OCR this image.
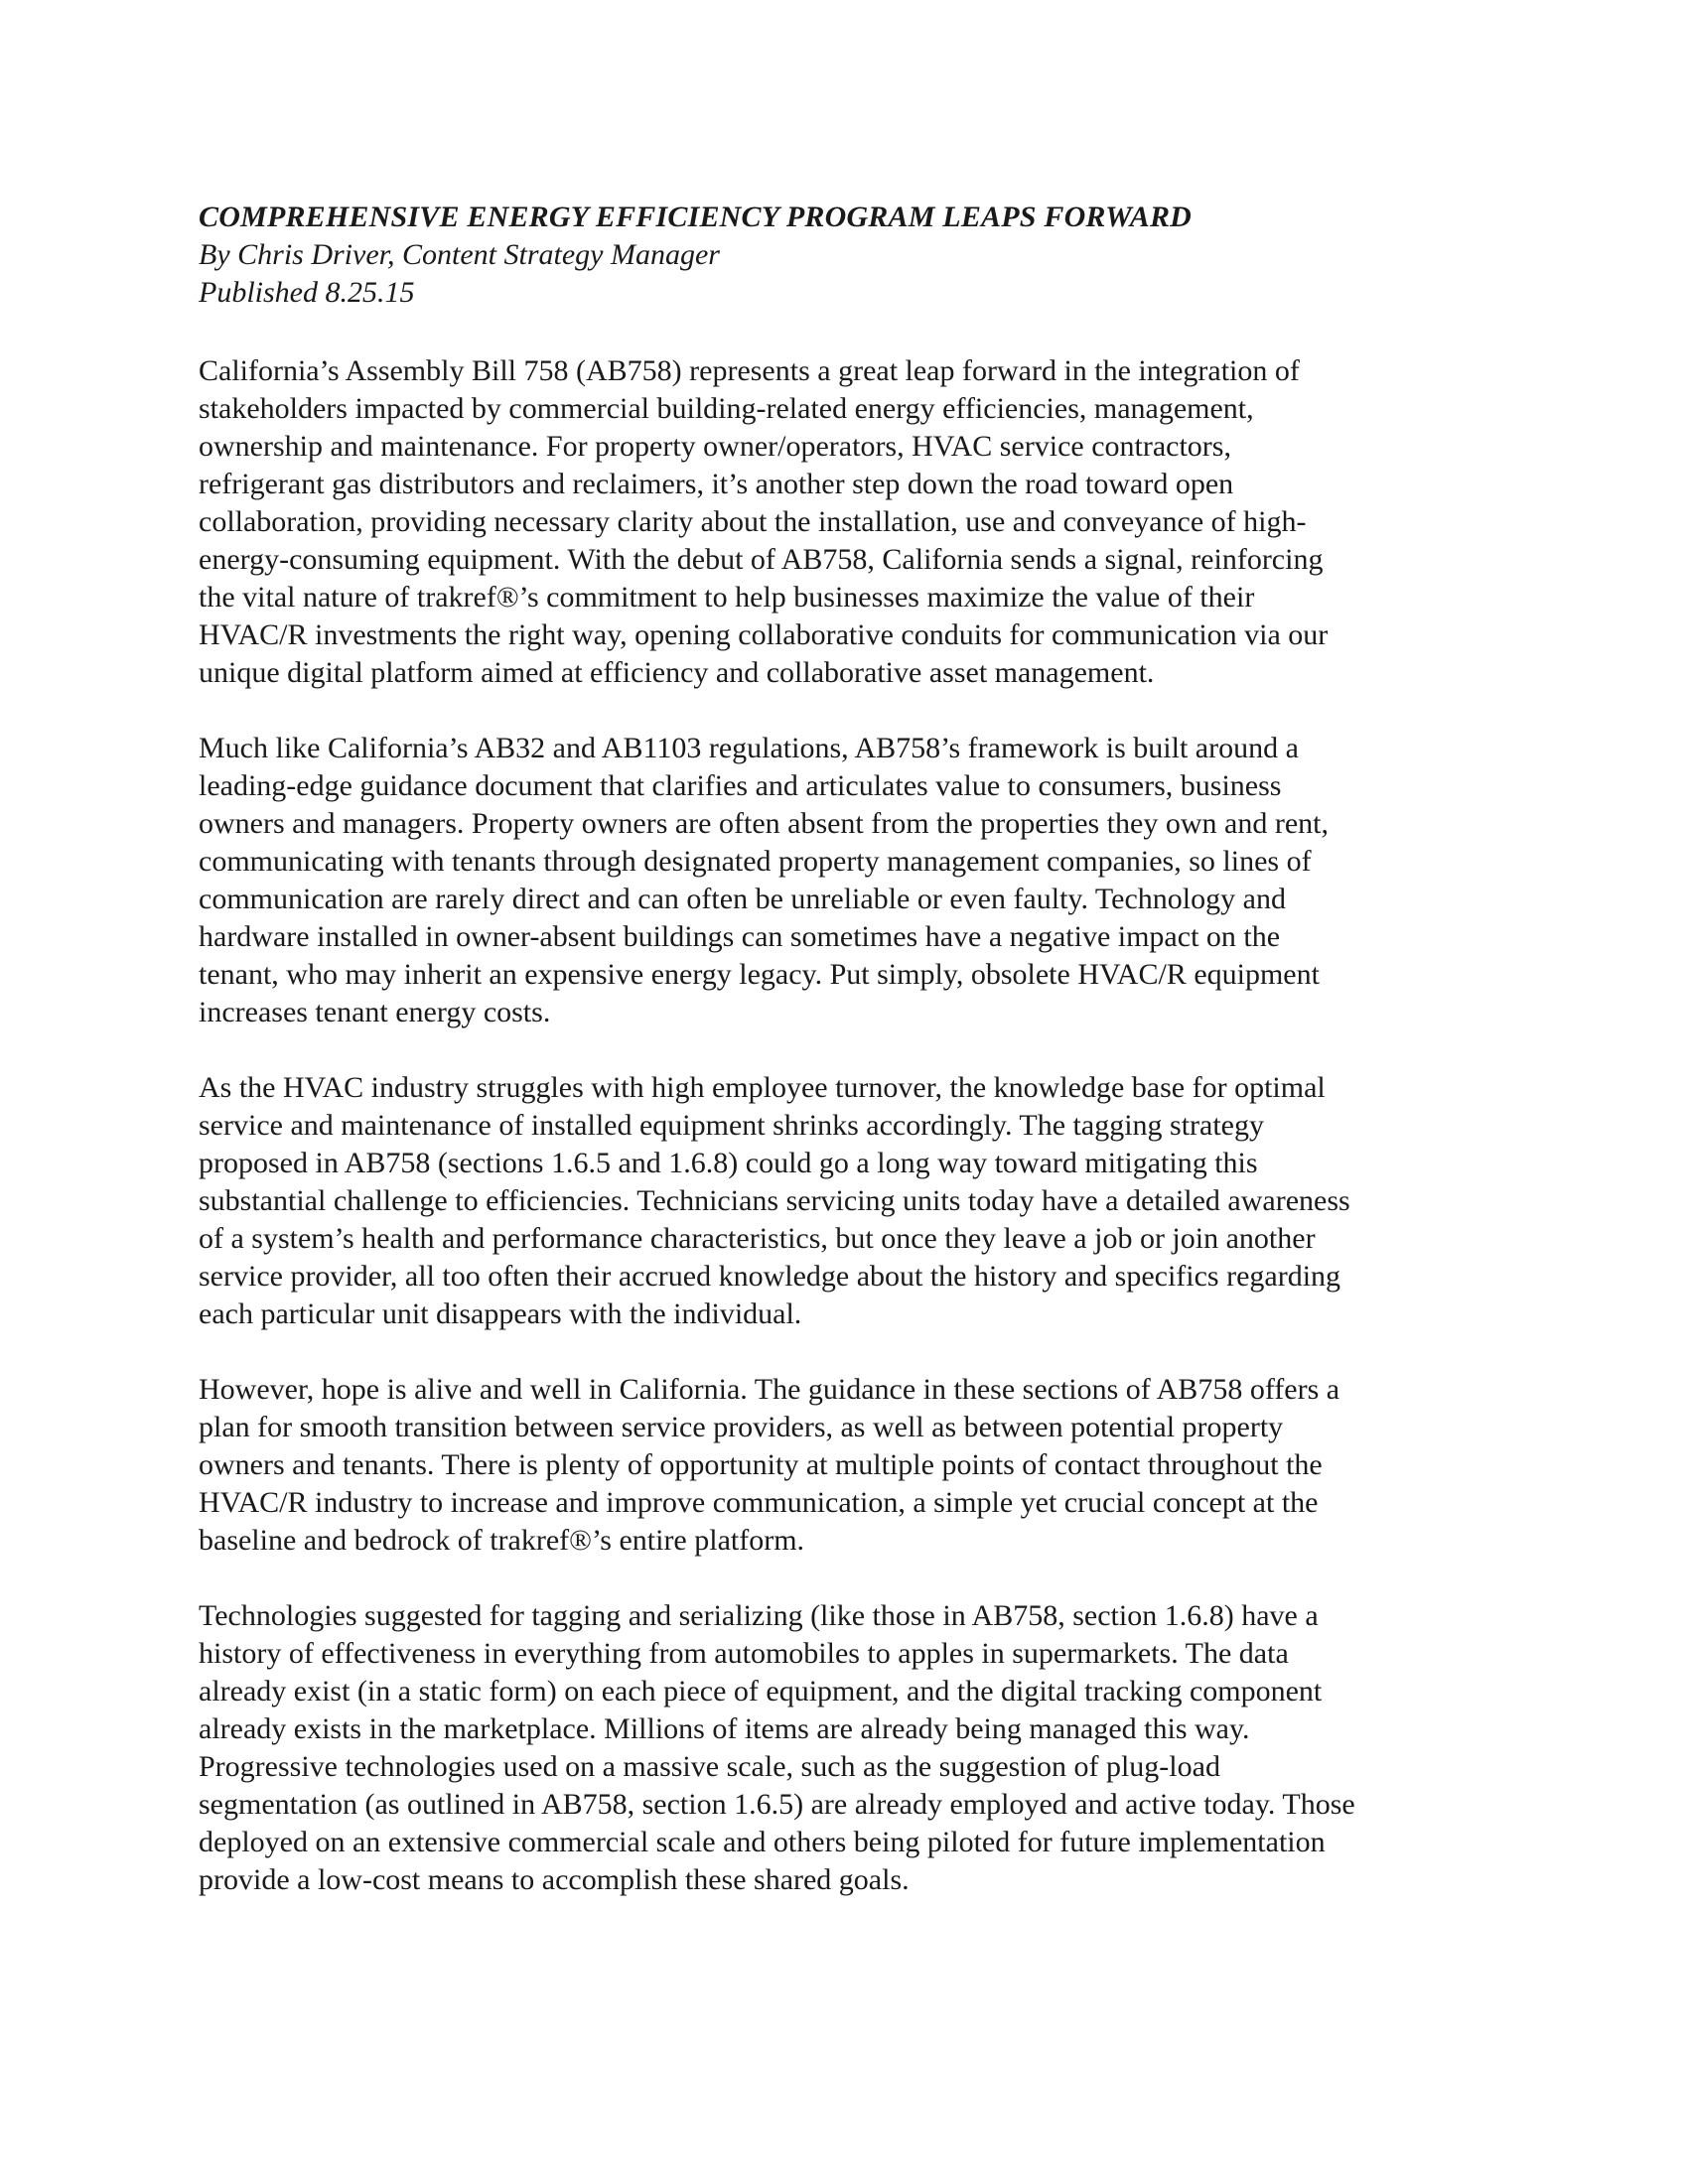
COMPREHENSIVE ENERGY EFFICIENCY PROGRAM LEAPS FORWARD
By Chris Driver, Content Strategy Manager
Published 8.25.15
California’s Assembly Bill 758 (AB758) represents a great leap forward in the integration of
stakeholders impacted by commercial building-related energy efficiencies, management,
ownership and maintenance. For property owner/operators, HVAC service contractors,
refrigerant gas distributors and reclaimers, it’s another step down the road toward open
collaboration, providing necessary clarity about the installation, use and conveyance of high-
energy-consuming equipment. With the debut of AB758, California sends a signal, reinforcing
the vital nature of trakref®’s commitment to help businesses maximize the value of their
HVAC/R investments the right way, opening collaborative conduits for communication via our
unique digital platform aimed at efficiency and collaborative asset management.
Much like California’s AB32 and AB1103 regulations, AB758’s framework is built around a
leading-edge guidance document that clarifies and articulates value to consumers, business
owners and managers. Property owners are often absent from the properties they own and rent,
communicating with tenants through designated property management companies, so lines of
communication are rarely direct and can often be unreliable or even faulty. Technology and
hardware installed in owner-absent buildings can sometimes have a negative impact on the
tenant, who may inherit an expensive energy legacy. Put simply, obsolete HVAC/R equipment
increases tenant energy costs.
As the HVAC industry struggles with high employee turnover, the knowledge base for optimal
service and maintenance of installed equipment shrinks accordingly. The tagging strategy
proposed in AB758 (sections 1.6.5 and 1.6.8) could go a long way toward mitigating this
substantial challenge to efficiencies. Technicians servicing units today have a detailed awareness
of a system’s health and performance characteristics, but once they leave a job or join another
service provider, all too often their accrued knowledge about the history and specifics regarding
each particular unit disappears with the individual.
However, hope is alive and well in California. The guidance in these sections of AB758 offers a
plan for smooth transition between service providers, as well as between potential property
owners and tenants. There is plenty of opportunity at multiple points of contact throughout the
HVAC/R industry to increase and improve communication, a simple yet crucial concept at the
baseline and bedrock of trakref®’s entire platform.
Technologies suggested for tagging and serializing (like those in AB758, section 1.6.8) have a
history of effectiveness in everything from automobiles to apples in supermarkets. The data
already exist (in a static form) on each piece of equipment, and the digital tracking component
already exists in the marketplace. Millions of items are already being managed this way.
Progressive technologies used on a massive scale, such as the suggestion of plug-load
segmentation (as outlined in AB758, section 1.6.5) are already employed and active today. Those
deployed on an extensive commercial scale and others being piloted for future implementation
provide a low-cost means to accomplish these shared goals.
